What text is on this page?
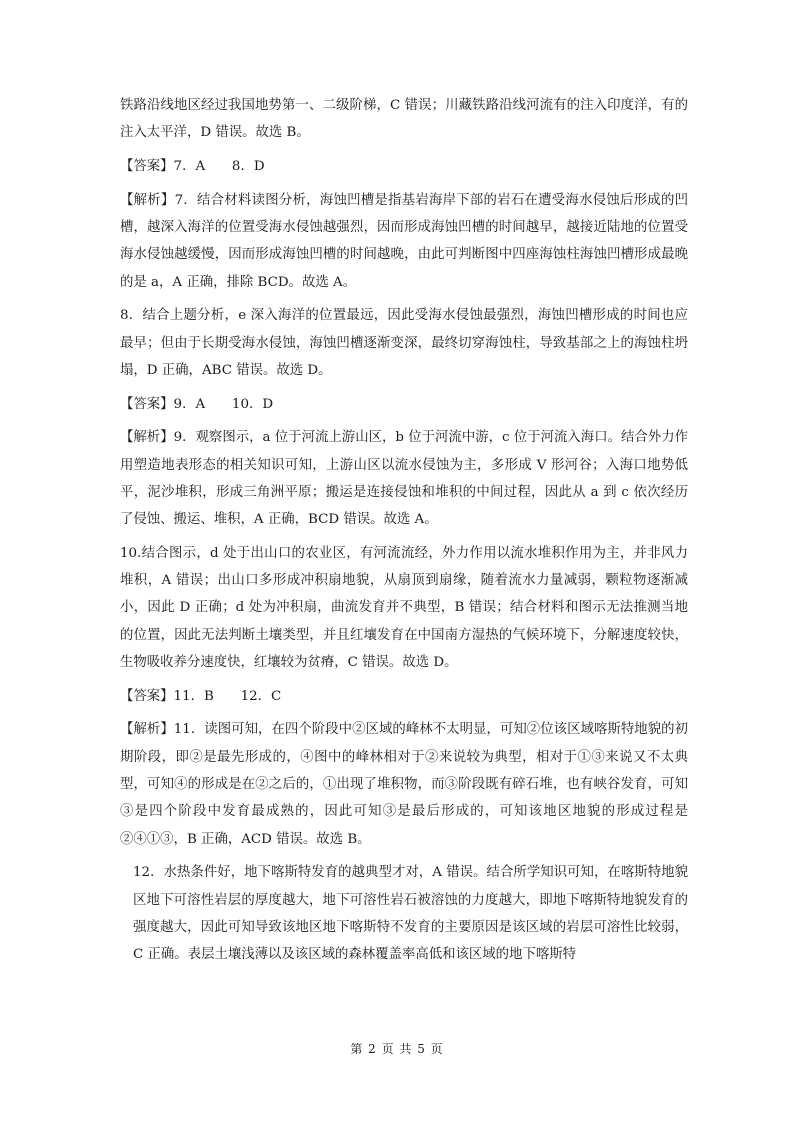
铁路沿线地区经过我国地势第一、二级阶梯，C 错误；川藏铁路沿线河流有的注入印度洋，有的注入太平洋，D 错误。故选 B。

【答案】7．A　　8．D

【解析】7．结合材料读图分析，海蚀凹槽是指基岩海岸下部的岩石在遭受海水侵蚀后形成的凹槽，越深入海洋的位置受海水侵蚀越强烈，因而形成海蚀凹槽的时间越早，越接近陆地的位置受海水侵蚀越缓慢，因而形成海蚀凹槽的时间越晚，由此可判断图中四座海蚀柱海蚀凹槽形成最晚的是 a，A 正确，排除 BCD。故选 A。

8．结合上题分析，e 深入海洋的位置最远，因此受海水侵蚀最强烈，海蚀凹槽形成的时间也应最早；但由于长期受海水侵蚀，海蚀凹槽逐渐变深，最终切穿海蚀柱，导致基部之上的海蚀柱坍塌，D 正确，ABC 错误。故选 D。

【答案】9．A　　10．D

【解析】9．观察图示，a 位于河流上游山区，b 位于河流中游，c 位于河流入海口。结合外力作用塑造地表形态的相关知识可知，上游山区以流水侵蚀为主，多形成 V 形河谷；入海口地势低平，泥沙堆积，形成三角洲平原；搬运是连接侵蚀和堆积的中间过程，因此从 a 到 c 依次经历了侵蚀、搬运、堆积，A 正确，BCD 错误。故选 A。

10.结合图示，d 处于出山口的农业区，有河流流经，外力作用以流水堆积作用为主，并非风力堆积，A 错误；出山口多形成冲积扇地貌，从扇顶到扇缘，随着流水力量减弱，颗粒物逐渐减小，因此 D 正确；d 处为冲积扇，曲流发育并不典型，B 错误；结合材料和图示无法推测当地的位置，因此无法判断土壤类型，并且红壤发育在中国南方湿热的气候环境下，分解速度较快，生物吸收养分速度快，红壤较为贫瘠，C 错误。故选 D。

【答案】11．B　　12．C

【解析】11．读图可知，在四个阶段中②区域的峰林不太明显，可知②位该区域喀斯特地貌的初期阶段，即②是最先形成的，④图中的峰林相对于②来说较为典型，相对于①③来说又不太典型，可知④的形成是在②之后的，①出现了堆积物，而③阶段既有碎石堆，也有峡谷发育，可知③是四个阶段中发育最成熟的，因此可知③是最后形成的，可知该地区地貌的形成过程是②④①③，B 正确，ACD 错误。故选 B。

12．水热条件好，地下喀斯特发育的越典型才对，A 错误。结合所学知识可知，在喀斯特地貌区地下可溶性岩层的厚度越大，地下可溶性岩石被溶蚀的力度越大，即地下喀斯特地貌发育的强度越大，因此可知导致该地区地下喀斯特不发育的主要原因是该区域的岩层可溶性比较弱，C 正确。表层土壤浅薄以及该区域的森林覆盖率高低和该区域的地下喀斯特

第 2 页 共 5 页
